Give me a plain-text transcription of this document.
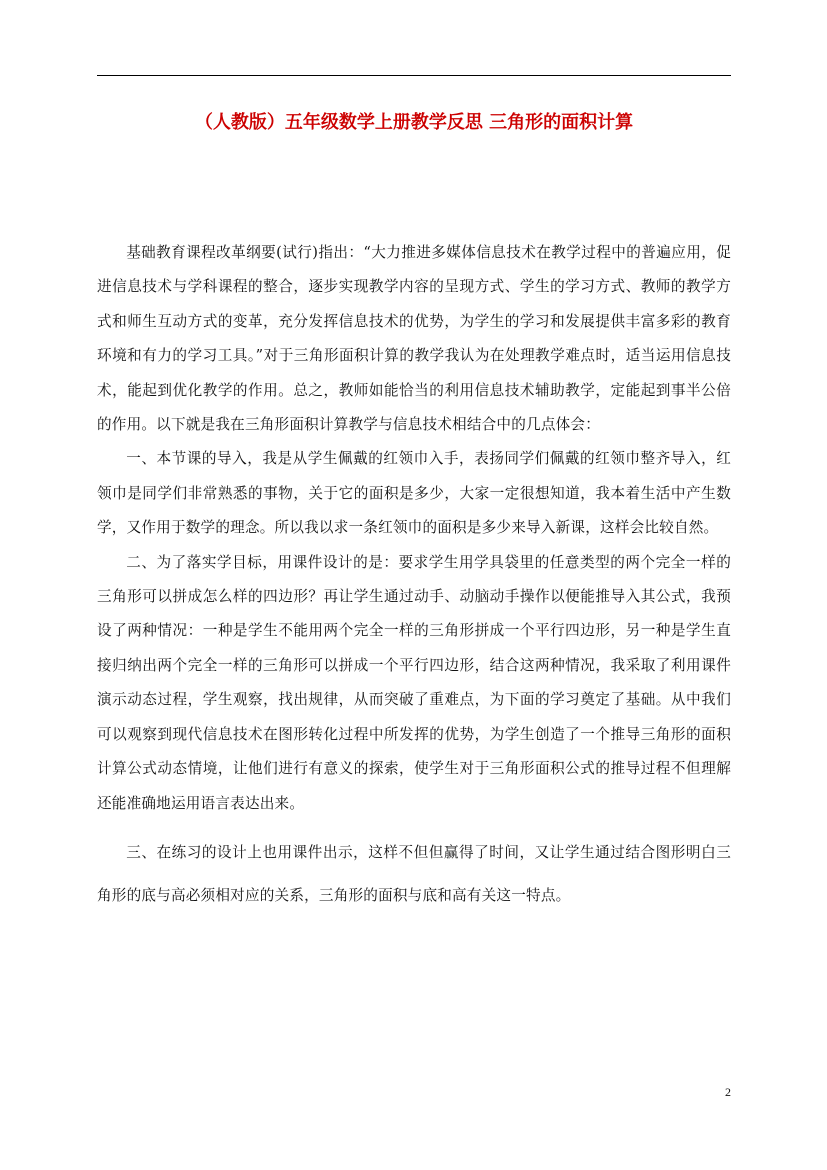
（人教版）五年级数学上册教学反思 三角形的面积计算

基础教育课程改革纲要(试行)指出：“大力推进多媒体信息技术在教学过程中的普遍应用，促进信息技术与学科课程的整合，逐步实现教学内容的呈现方式、学生的学习方式、教师的教学方式和师生互动方式的变革，充分发挥信息技术的优势，为学生的学习和发展提供丰富多彩的教育环境和有力的学习工具。”对于三角形面积计算的教学我认为在处理教学难点时，适当运用信息技术，能起到优化教学的作用。总之，教师如能恰当的利用信息技术辅助教学，定能起到事半公倍的作用。以下就是我在三角形面积计算教学与信息技术相结合中的几点体会：

一、本节课的导入，我是从学生佩戴的红领巾入手，表扬同学们佩戴的红领巾整齐导入，红领巾是同学们非常熟悉的事物，关于它的面积是多少，大家一定很想知道，我本着生活中产生数学，又作用于数学的理念。所以我以求一条红领巾的面积是多少来导入新课，这样会比较自然。

二、为了落实学目标，用课件设计的是：要求学生用学具袋里的任意类型的两个完全一样的三角形可以拼成怎么样的四边形？再让学生通过动手、动脑动手操作以便能推导入其公式，我预设了两种情况：一种是学生不能用两个完全一样的三角形拼成一个平行四边形，另一种是学生直接归纳出两个完全一样的三角形可以拼成一个平行四边形，结合这两种情况，我采取了利用课件演示动态过程，学生观察，找出规律，从而突破了重难点，为下面的学习奠定了基础。从中我们可以观察到现代信息技术在图形转化过程中所发挥的优势，为学生创造了一个推导三角形的面积计算公式动态情境，让他们进行有意义的探索，使学生对于三角形面积公式的推导过程不但理解还能准确地运用语言表达出来。

三、在练习的设计上也用课件出示，这样不但但赢得了时间，又让学生通过结合图形明白三角形的底与高必须相对应的关系，三角形的面积与底和高有关这一特点。

2
